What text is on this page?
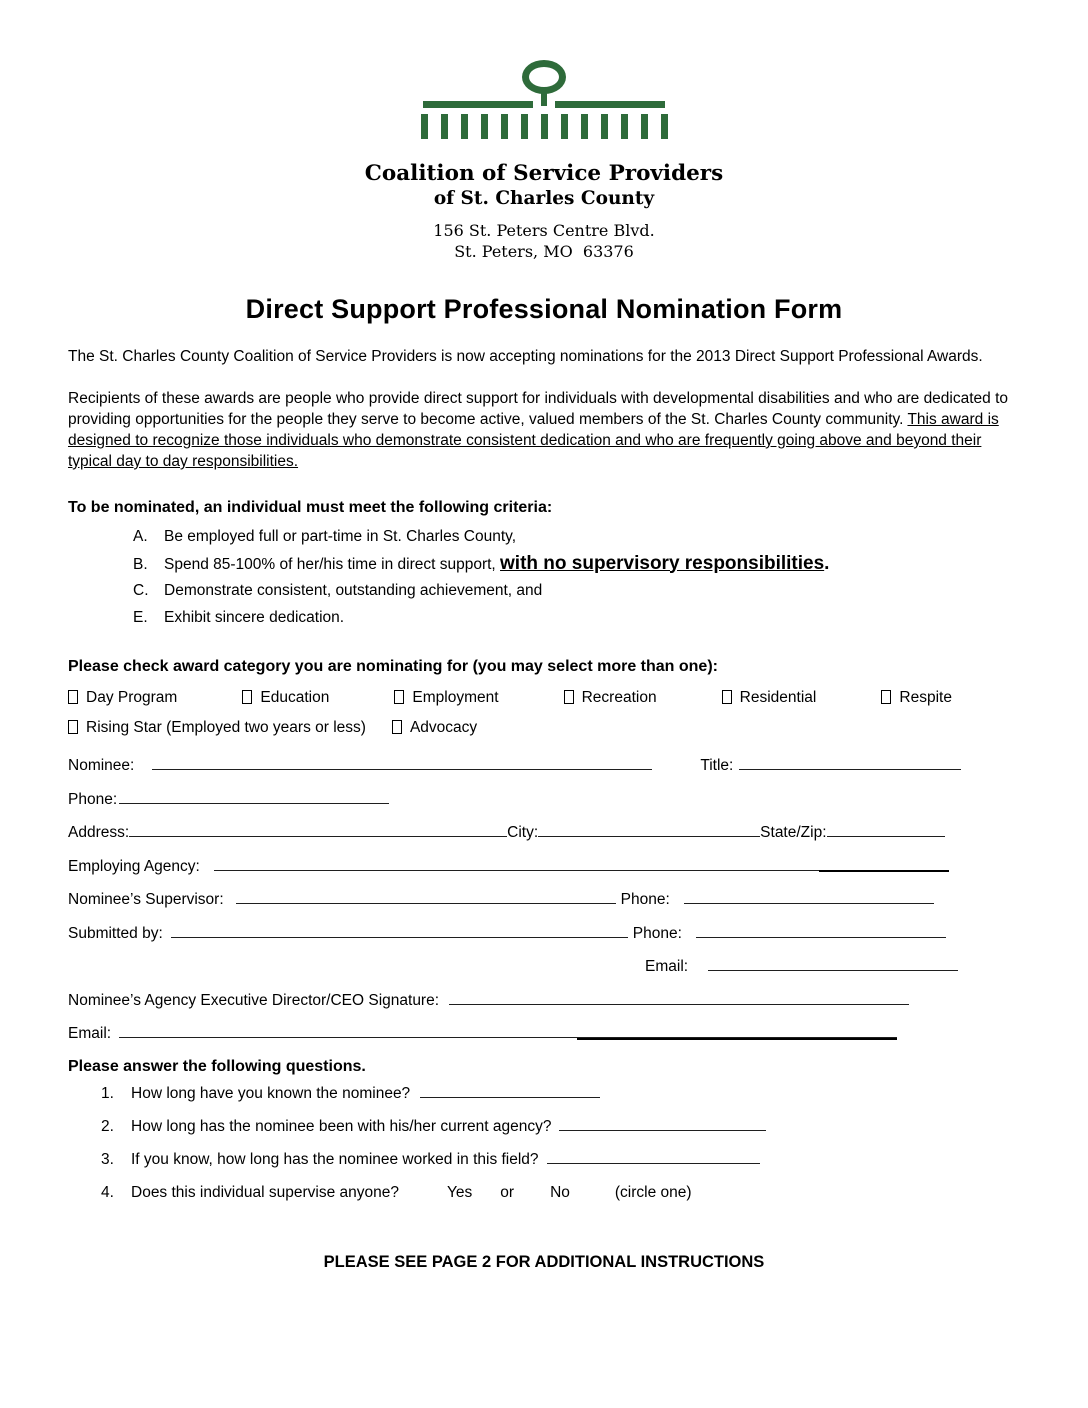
Coalition of Service Providers
of St. Charles County
156 St. Peters Centre Blvd.
St. Peters, MO  63376
Direct Support Professional Nomination Form

The St. Charles County Coalition of Service Providers is now accepting nominations for the 2013 Direct Support Professional Awards.

Recipients of these awards are people who provide direct support for individuals with developmental disabilities and who are dedicated to providing opportunities for the people they serve to become active, valued members of the St. Charles County community. This award is designed to recognize those individuals who demonstrate consistent dedication and who are frequently going above and beyond their typical day to day responsibilities.

To be nominated, an individual must meet the following criteria:

A. Be employed full or part-time in St. Charles County,
B. Spend 85-100% of her/his time in direct support, with no supervisory responsibilities.
C. Demonstrate consistent, outstanding achievement, and
E. Exhibit sincere dedication.

Please check award category you are nominating for (you may select more than one):

Day Program	Education	Employment	Recreation	Residential	Respite
Rising Star (Employed two years or less)	Advocacy
Nominee:	Title:
Phone:
Address:	City:	State/Zip:
Employing Agency:
Nominee’s Supervisor:	Phone:
Submitted by:	Phone:
Email:
Nominee’s Agency Executive Director/CEO Signature:
Email:

Please answer the following questions.

1. How long have you known the nominee?
2. How long has the nominee been with his/her current agency?
3. If you know, how long has the nominee worked in this field?
4. Does this individual supervise anyone?	Yes or No	(circle one)
PLEASE SEE PAGE 2 FOR ADDITIONAL INSTRUCTIONS
